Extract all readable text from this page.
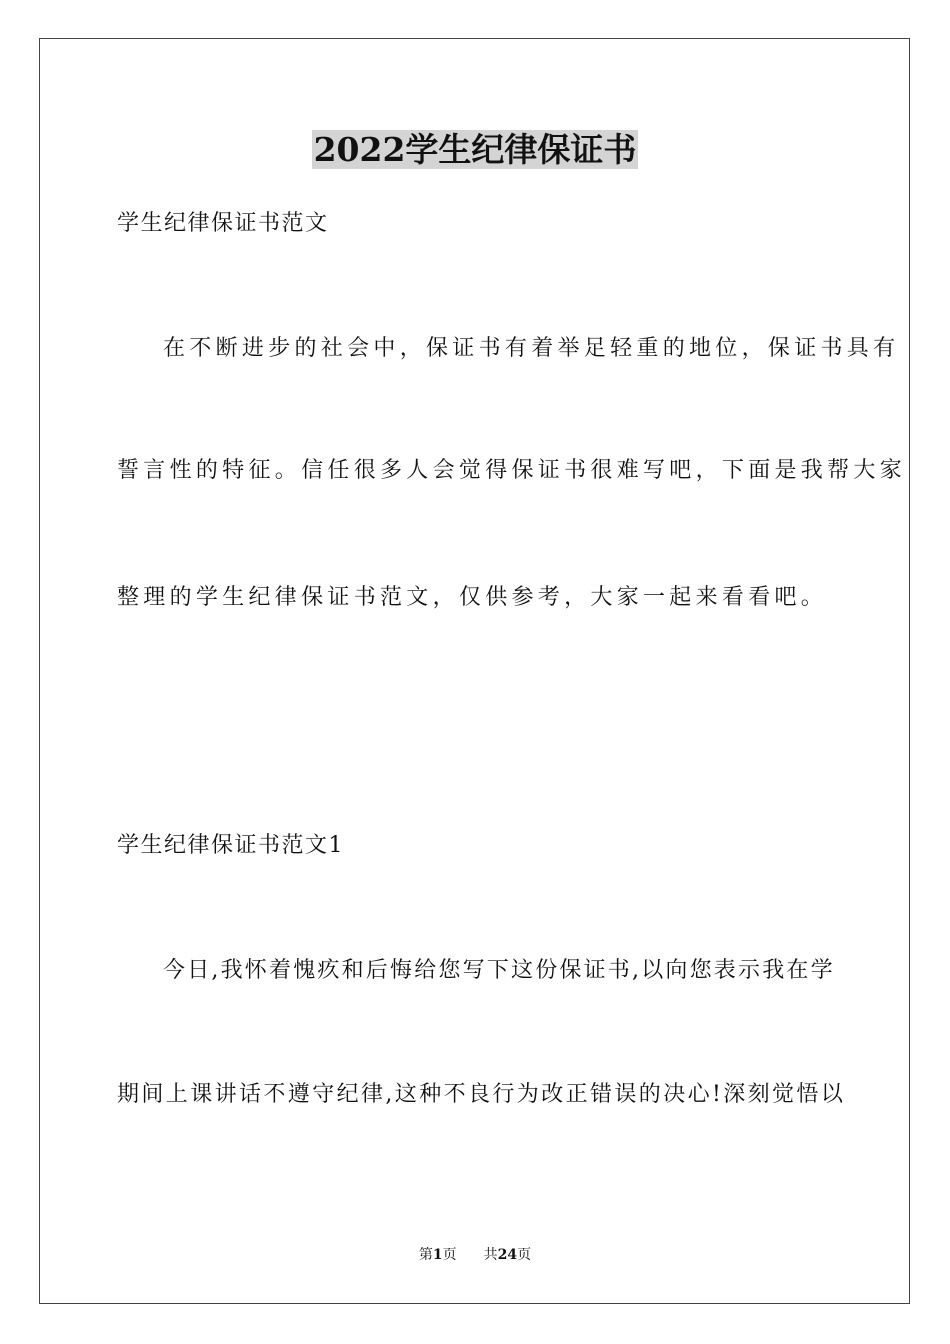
2022学生纪律保证书
学生纪律保证书范文
在不断进步的社会中，保证书有着举足轻重的地位，保证书具有
誓言性的特征。信任很多人会觉得保证书很难写吧，下面是我帮大家
整理的学生纪律保证书范文，仅供参考，大家一起来看看吧。
学生纪律保证书范文1
今日,我怀着愧疚和后悔给您写下这份保证书,以向您表示我在学
期间上课讲话不遵守纪律,这种不良行为改正错误的决心!深刻觉悟以
第1页 共24页
